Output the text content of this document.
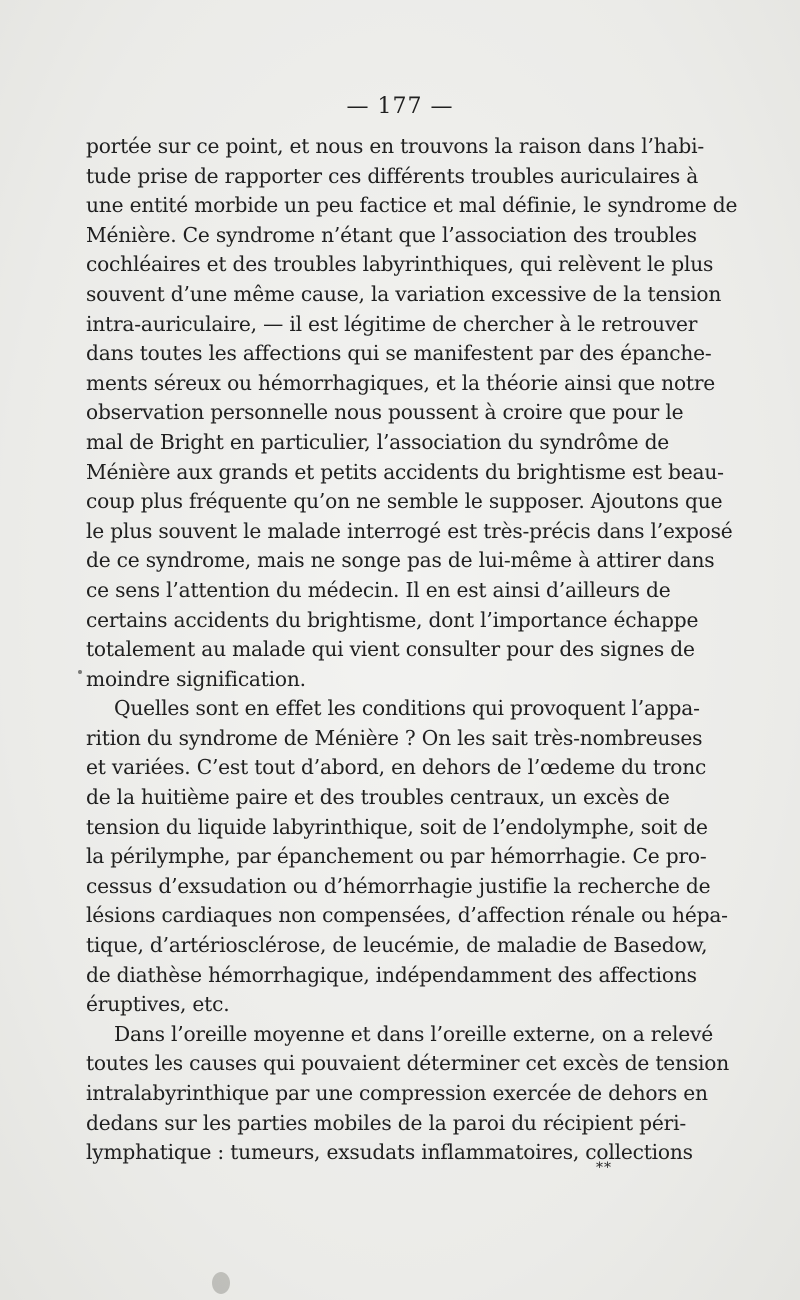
— 177 —

portée sur ce point, et nous en trouvons la raison dans l’habi-
tude prise de rapporter ces différents troubles auriculaires à
une entité morbide un peu factice et mal définie, le syndrome de
Ménière. Ce syndrome n’étant que l’association des troubles
cochléaires et des troubles labyrinthiques, qui relèvent le plus
souvent d’une même cause, la variation excessive de la tension
intra-auriculaire, — il est légitime de chercher à le retrouver
dans toutes les affections qui se manifestent par des épanche-
ments séreux ou hémorrhagiques, et la théorie ainsi que notre
observation personnelle nous poussent à croire que pour le
mal de Bright en particulier, l’association du syndrôme de
Ménière aux grands et petits accidents du brightisme est beau-
coup plus fréquente qu’on ne semble le supposer. Ajoutons que
le plus souvent le malade interrogé est très-précis dans l’exposé
de ce syndrome, mais ne songe pas de lui-même à attirer dans
ce sens l’attention du médecin. Il en est ainsi d’ailleurs de
certains accidents du brightisme, dont l’importance échappe
totalement au malade qui vient consulter pour des signes de
moindre signification.

Quelles sont en effet les conditions qui provoquent l’appa-
rition du syndrome de Ménière ? On les sait très-nombreuses
et variées. C’est tout d’abord, en dehors de l’œdeme du tronc
de la huitième paire et des troubles centraux, un excès de
tension du liquide labyrinthique, soit de l’endolymphe, soit de
la périlymphe, par épanchement ou par hémorrhagie. Ce pro-
cessus d’exsudation ou d’hémorrhagie justifie la recherche de
lésions cardiaques non compensées, d’affection rénale ou hépa-
tique, d’artériosclérose, de leucémie, de maladie de Basedow,
de diathèse hémorrhagique, indépendamment des affections
éruptives, etc.

Dans l’oreille moyenne et dans l’oreille externe, on a relevé
toutes les causes qui pouvaient déterminer cet excès de tension
intralabyrinthique par une compression exercée de dehors en
dedans sur les parties mobiles de la paroi du récipient péri-
lymphatique : tumeurs, exsudats inflammatoires, collections

**
